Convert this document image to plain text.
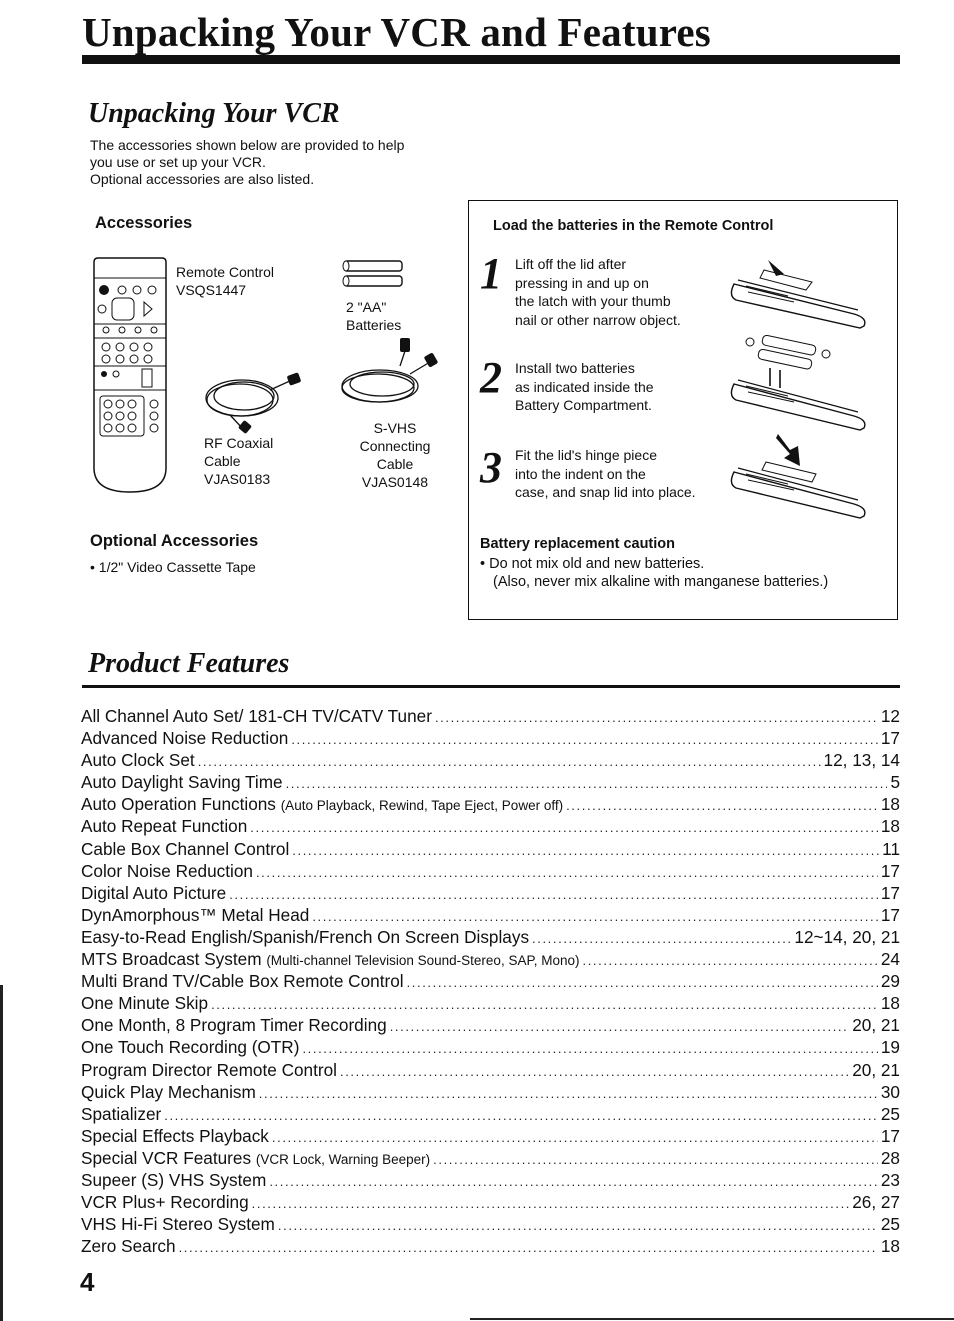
Unpacking Your VCR and Features
Unpacking Your VCR
The accessories shown below are provided to help
you use or set up your VCR.
Optional accessories are also listed.
Accessories
Remote Control
VSQS1447
2 "AA"
Batteries
RF Coaxial
Cable
VJAS0183
S-VHS
Connecting
Cable
VJAS0148
Optional Accessories
• 1/2" Video Cassette Tape
Load the batteries in the Remote Control
1 Lift off the lid after
pressing in and up on
the latch with your thumb
nail or other narrow object.
2 Install two batteries
as indicated inside the
Battery Compartment.
3 Fit the lid's hinge piece
into the indent on the
case, and snap lid into place.
Battery replacement caution
• Do not mix old and new batteries.
(Also, never mix alkaline with manganese batteries.)
Product Features
All Channel Auto Set/ 181-CH TV/CATV Tuner .....	12
Advanced Noise Reduction .....	17
Auto Clock Set .....	12, 13, 14
Auto Daylight Saving Time .....	5
Auto Operation Functions
(Auto Playback, Rewind, Tape Eject, Power off) .....	18
Auto Repeat Function .....	18
Cable Box Channel Control .....	11
Color Noise Reduction .....	17
Digital Auto Picture .....	17
DynAmorphous™ Metal Head .....	17
Easy-to-Read English/Spanish/French On Screen Displays .....	12~14, 20, 21
MTS Broadcast System
(Multi-channel Television Sound-Stereo, SAP, Mono) .....	24
Multi Brand TV/Cable Box Remote Control .....	29
One Minute Skip .....	18
One Month, 8 Program Timer Recording .....	20, 21
One Touch Recording (OTR) .....	19
Program Director Remote Control .....	20, 21
Quick Play Mechanism .....	30
Spatializer .....	25
Special Effects Playback .....	17
Special VCR Features
(VCR Lock, Warning Beeper) .....	28
Supeer (S) VHS System .....	23
VCR Plus+ Recording .....	26, 27
VHS Hi-Fi Stereo System .....	25
Zero Search .....	18
4
